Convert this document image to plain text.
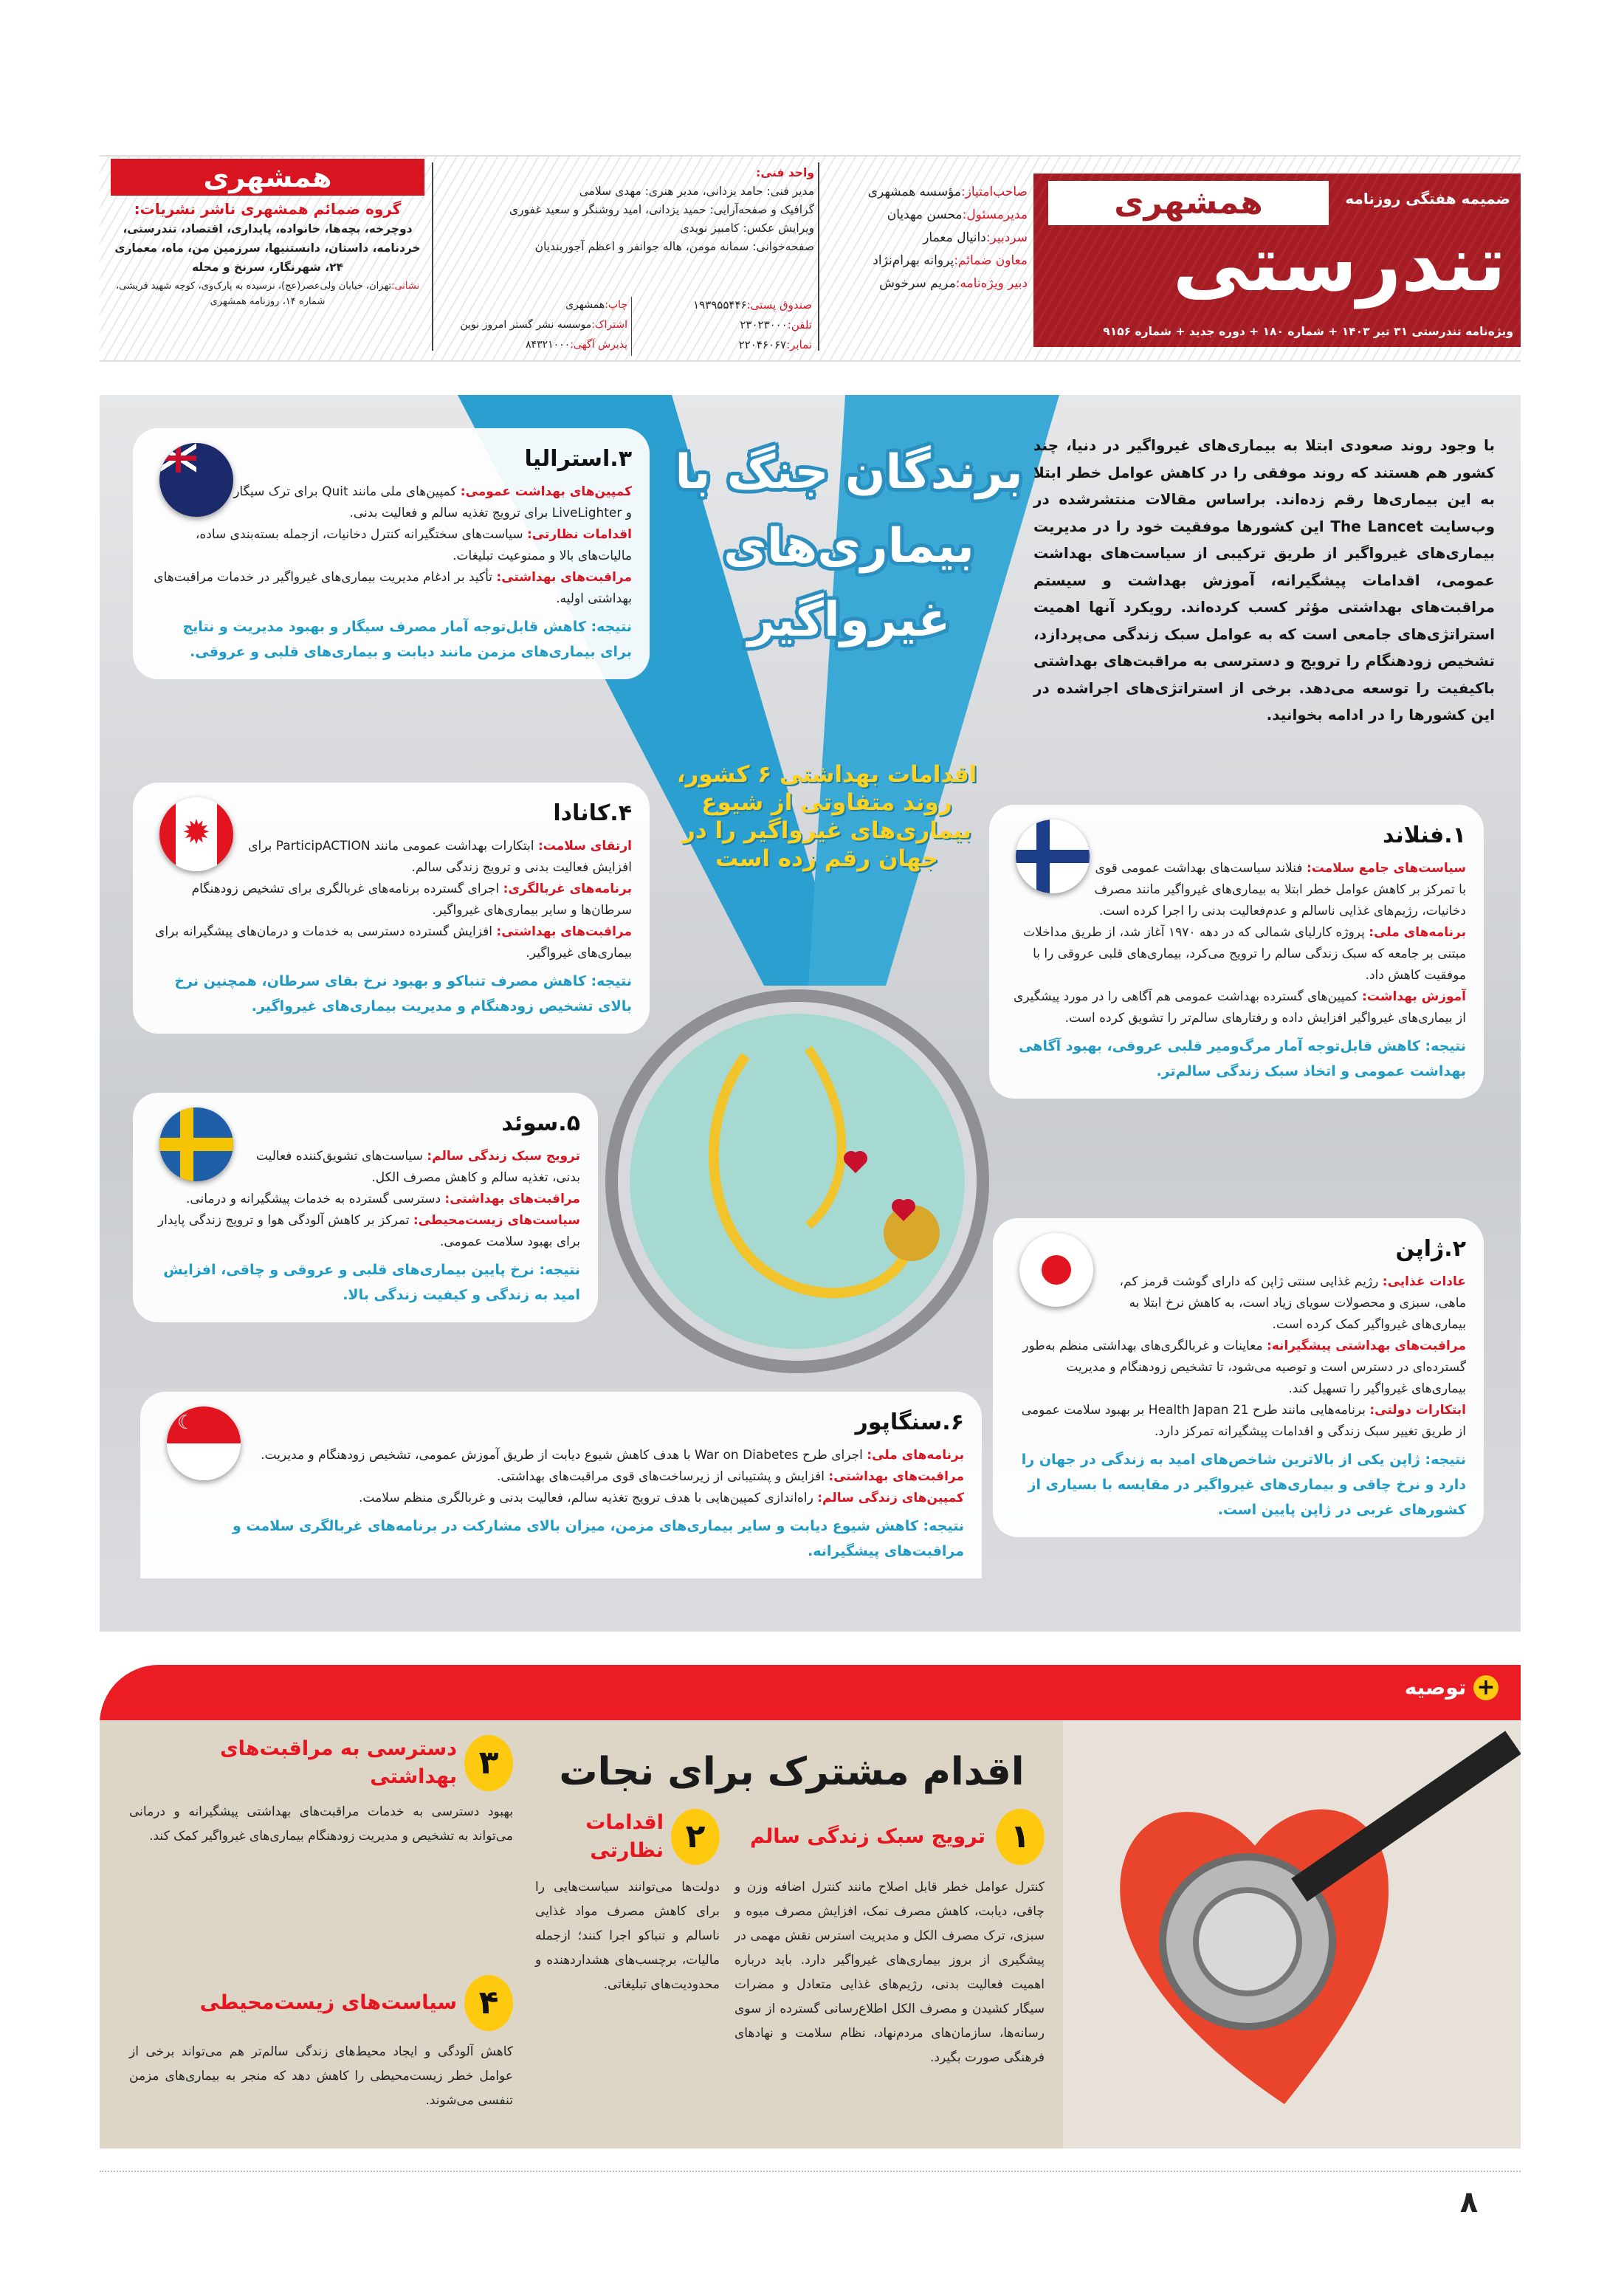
همشهری	ضمیمه هفتگی روزنامه
تندرستی
ویژه‌نامه تندرستی ۳۱ تیر ۱۴۰۳ + شماره ۱۸۰ + دوره جدید + شماره ۹۱۵۶
صاحب‌امتیاز:مؤسسه همشهری
مدیرمسئول:محسن مهدیان
سردبیر:دانیال معمار
معاون ضمائم:پروانه بهرام‌نژاد
دبیر ویژه‌نامه:مریم سرخوش
واحد فنی:
مدیر فنی: حامد یزدانی، مدیر هنری: مهدی سلامی
گرافیک و صفحه‌آرایی: حمید یزدانی، امید روشنگر و سعید غفوری
ویرایش عکس: کامبیز نویدی
صفحه‌خوانی: سمانه مومن، هاله جوانفر و اعظم آجوربندیان
صندوق پستی:۱۹۳۹۵۵۴۴۶
تلفن:۲۳۰۲۳۰۰۰
نمابر:۲۲۰۴۶۰۶۷
چاپ:همشهری
اشتراک:موسسه نشر گستر امروز نوین
پذیرش آگهی:۸۴۳۲۱۰۰۰
همشهری
گروه ضمائم همشهری ناشر نشریات:
دوچرخه، بچه‌ها، خانواده، پایداری، اقتصاد، تندرستی، خردنامه، داستان، دانستنیها، سرزمین من، ماه، معماری ۲۴، شهرنگار، سرنخ و محله
نشانی:تهران، خیابان ولی‌عصر(عج)، نرسیده به پارک‌وی، کوچه شهید قریشی، شماره ۱۴، روزنامه همشهری
برندگان جنگ با بیماری‌های غیرواگیر
اقدامات بهداشتی ۶ کشور، روند متفاوتی از شیوع بیماری‌های غیرواگیر را در جهان رقم زده است
با وجود روند صعودی ابتلا به بیماری‌های غیرواگیر در دنیا، چند کشور هم هستند که روند موفقی را در کاهش عوامل خطر ابتلا به این بیماری‌ها رقم زده‌اند. براساس مقالات منتشرشده در وب‌سایت The Lancet این کشورها موفقیت خود را در مدیریت بیماری‌های غیرواگیر از طریق ترکیبی از سیاست‌های بهداشت عمومی، اقدامات پیشگیرانه، آموزش بهداشت و سیستم مراقبت‌های بهداشتی مؤثر کسب کرده‌اند. رویکرد آنها اهمیت استراتژی‌های جامعی است که به عوامل سبک زندگی می‌پردازد، تشخیص زودهنگام را ترویج و دسترسی به مراقبت‌های بهداشتی باکیفیت را توسعه می‌دهد. برخی از استراتژی‌های اجراشده در این کشورها را در ادامه بخوانید.
۱.فنلاند
سیاست‌های جامع سلامت: فنلاند سیاست‌های بهداشت عمومی قوی با تمرکز بر کاهش عوامل خطر ابتلا به بیماری‌های غیرواگیر مانند مصرف دخانیات، رژیم‌های غذایی ناسالم و عدم‌فعالیت بدنی را اجرا کرده است.
برنامه‌های ملی: پروژه کارلیای شمالی که در دهه ۱۹۷۰ آغاز شد، از طریق مداخلات مبتنی بر جامعه که سبک زندگی سالم را ترویج می‌کرد، بیماری‌های قلبی عروقی را با موفقیت کاهش داد.
آموزش بهداشت: کمپین‌های گسترده بهداشت عمومی هم آگاهی را در مورد پیشگیری از بیماری‌های غیرواگیر افزایش داده و رفتارهای سالم‌تر را تشویق کرده است.
نتیجه: کاهش قابل‌توجه آمار مرگ‌ومیر قلبی عروقی، بهبود آگاهی بهداشت عمومی و اتخاذ سبک زندگی سالم‌تر.
۲.ژاپن
عادات غذایی: رژیم غذایی سنتی ژاپن که دارای گوشت قرمز کم، ماهی، سبزی و محصولات سویای زیاد است، به کاهش نرخ ابتلا به بیماری‌های غیرواگیر کمک کرده است.
مراقبت‌های بهداشتی پیشگیرانه: معاینات و غربالگری‌های بهداشتی منظم به‌طور گسترده‌ای در دسترس است و توصیه می‌شود، تا تشخیص زودهنگام و مدیریت بیماری‌های غیرواگیر را تسهیل کند.
ابتکارات دولتی: برنامه‌هایی مانند طرح Health Japan 21 بر بهبود سلامت عمومی از طریق تغییر سبک زندگی و اقدامات پیشگیرانه تمرکز دارد.
نتیجه: ژاپن یکی از بالاترین شاخص‌های امید به زندگی در جهان را دارد و نرخ چاقی و بیماری‌های غیرواگیر در مقایسه با بسیاری از کشورهای غربی در ژاپن پایین است.
۳.استرالیا
کمپین‌های بهداشت عمومی: کمپین‌های ملی مانند Quit برای ترک سیگار و LiveLighter برای ترویج تغذیه سالم و فعالیت بدنی.
اقدامات نظارتی: سیاست‌های سختگیرانه کنترل دخانیات، ازجمله بسته‌بندی ساده، مالیات‌های بالا و ممنوعیت تبلیغات.
مراقبت‌های بهداشتی: تأکید بر ادغام مدیریت بیماری‌های غیرواگیر در خدمات مراقبت‌های بهداشتی اولیه.
نتیجه: کاهش قابل‌توجه آمار مصرف سیگار و بهبود مدیریت و نتایج برای بیماری‌های مزمن مانند دیابت و بیماری‌های قلبی و عروقی.
✹	۴.کانادا
ارتقای سلامت: ابتکارات بهداشت عمومی مانند ParticipACTION برای افزایش فعالیت بدنی و ترویج زندگی سالم.
برنامه‌های غربالگری: اجرای گسترده برنامه‌های غربالگری برای تشخیص زودهنگام سرطان‌ها و سایر بیماری‌های غیرواگیر.
مراقبت‌های بهداشتی: افزایش گسترده دسترسی به خدمات و درمان‌های پیشگیرانه برای بیماری‌های غیرواگیر.
نتیجه: کاهش مصرف تنباکو و بهبود نرخ بقای سرطان، همچنین نرخ بالای تشخیص زودهنگام و مدیریت بیماری‌های غیرواگیر.
۵.سوئد
ترویج سبک زندگی سالم: سیاست‌های تشویق‌کننده فعالیت بدنی، تغذیه سالم و کاهش مصرف الکل.
مراقبت‌های بهداشتی: دسترسی گسترده به خدمات پیشگیرانه و درمانی.
سیاست‌های زیست‌محیطی: تمرکز بر کاهش آلودگی هوا و ترویج زندگی پایدار برای بهبود سلامت عمومی.
نتیجه: نرخ پایین بیماری‌های قلبی و عروقی و چاقی، افزایش امید به زندگی و کیفیت زندگی بالا.
☾	۶.سنگاپور
برنامه‌های ملی: اجرای طرح War on Diabetes با هدف کاهش شیوع دیابت از طریق آموزش عمومی، تشخیص زودهنگام و مدیریت.
مراقبت‌های بهداشتی: افزایش و پشتیبانی از زیرساخت‌های قوی مراقبت‌های بهداشتی.
کمپین‌های زندگی سالم: راه‌اندازی کمپین‌هایی با هدف ترویج تغذیه سالم، فعالیت بدنی و غربالگری منظم سلامت.
نتیجه: کاهش شیوع دیابت و سایر بیماری‌های مزمن، میزان بالای مشارکت در برنامه‌های غربالگری سلامت و مراقبت‌های پیشگیرانه.
+ توصیه
اقدام مشترک برای نجات
۱
ترویج سبک زندگی سالم
کنترل عوامل خطر قابل اصلاح مانند کنترل اضافه وزن و چاقی، دیابت، کاهش مصرف نمک، افزایش مصرف میوه و سبزی، ترک مصرف الکل و مدیریت استرس نقش مهمی در پیشگیری از بروز بیماری‌های غیرواگیر دارد. باید درباره اهمیت فعالیت بدنی، رژیم‌های غذایی متعادل و مضرات سیگار کشیدن و مصرف الکل اطلاع‌رسانی گسترده از سوی رسانه‌ها، سازمان‌های مردم‌نهاد، نظام سلامت و نهادهای فرهنگی صورت بگیرد.
۲
اقدامات نظارتی
دولت‌ها می‌توانند سیاست‌هایی را برای کاهش مصرف مواد غذایی ناسالم و تنباکو اجرا کنند؛ ازجمله مالیات، برچسب‌های هشداردهنده و محدودیت‌های تبلیغاتی.
۳
دسترسی به مراقبت‌های بهداشتی
بهبود دسترسی به خدمات مراقبت‌های بهداشتی پیشگیرانه و درمانی می‌تواند به تشخیص و مدیریت زودهنگام بیماری‌های غیرواگیر کمک کند.
۴
سیاست‌های زیست‌محیطی
کاهش آلودگی و ایجاد محیط‌های زندگی سالم‌تر هم می‌تواند برخی از عوامل خطر زیست‌محیطی را کاهش دهد که منجر به بیماری‌های مزمن تنفسی می‌شوند.
۸
